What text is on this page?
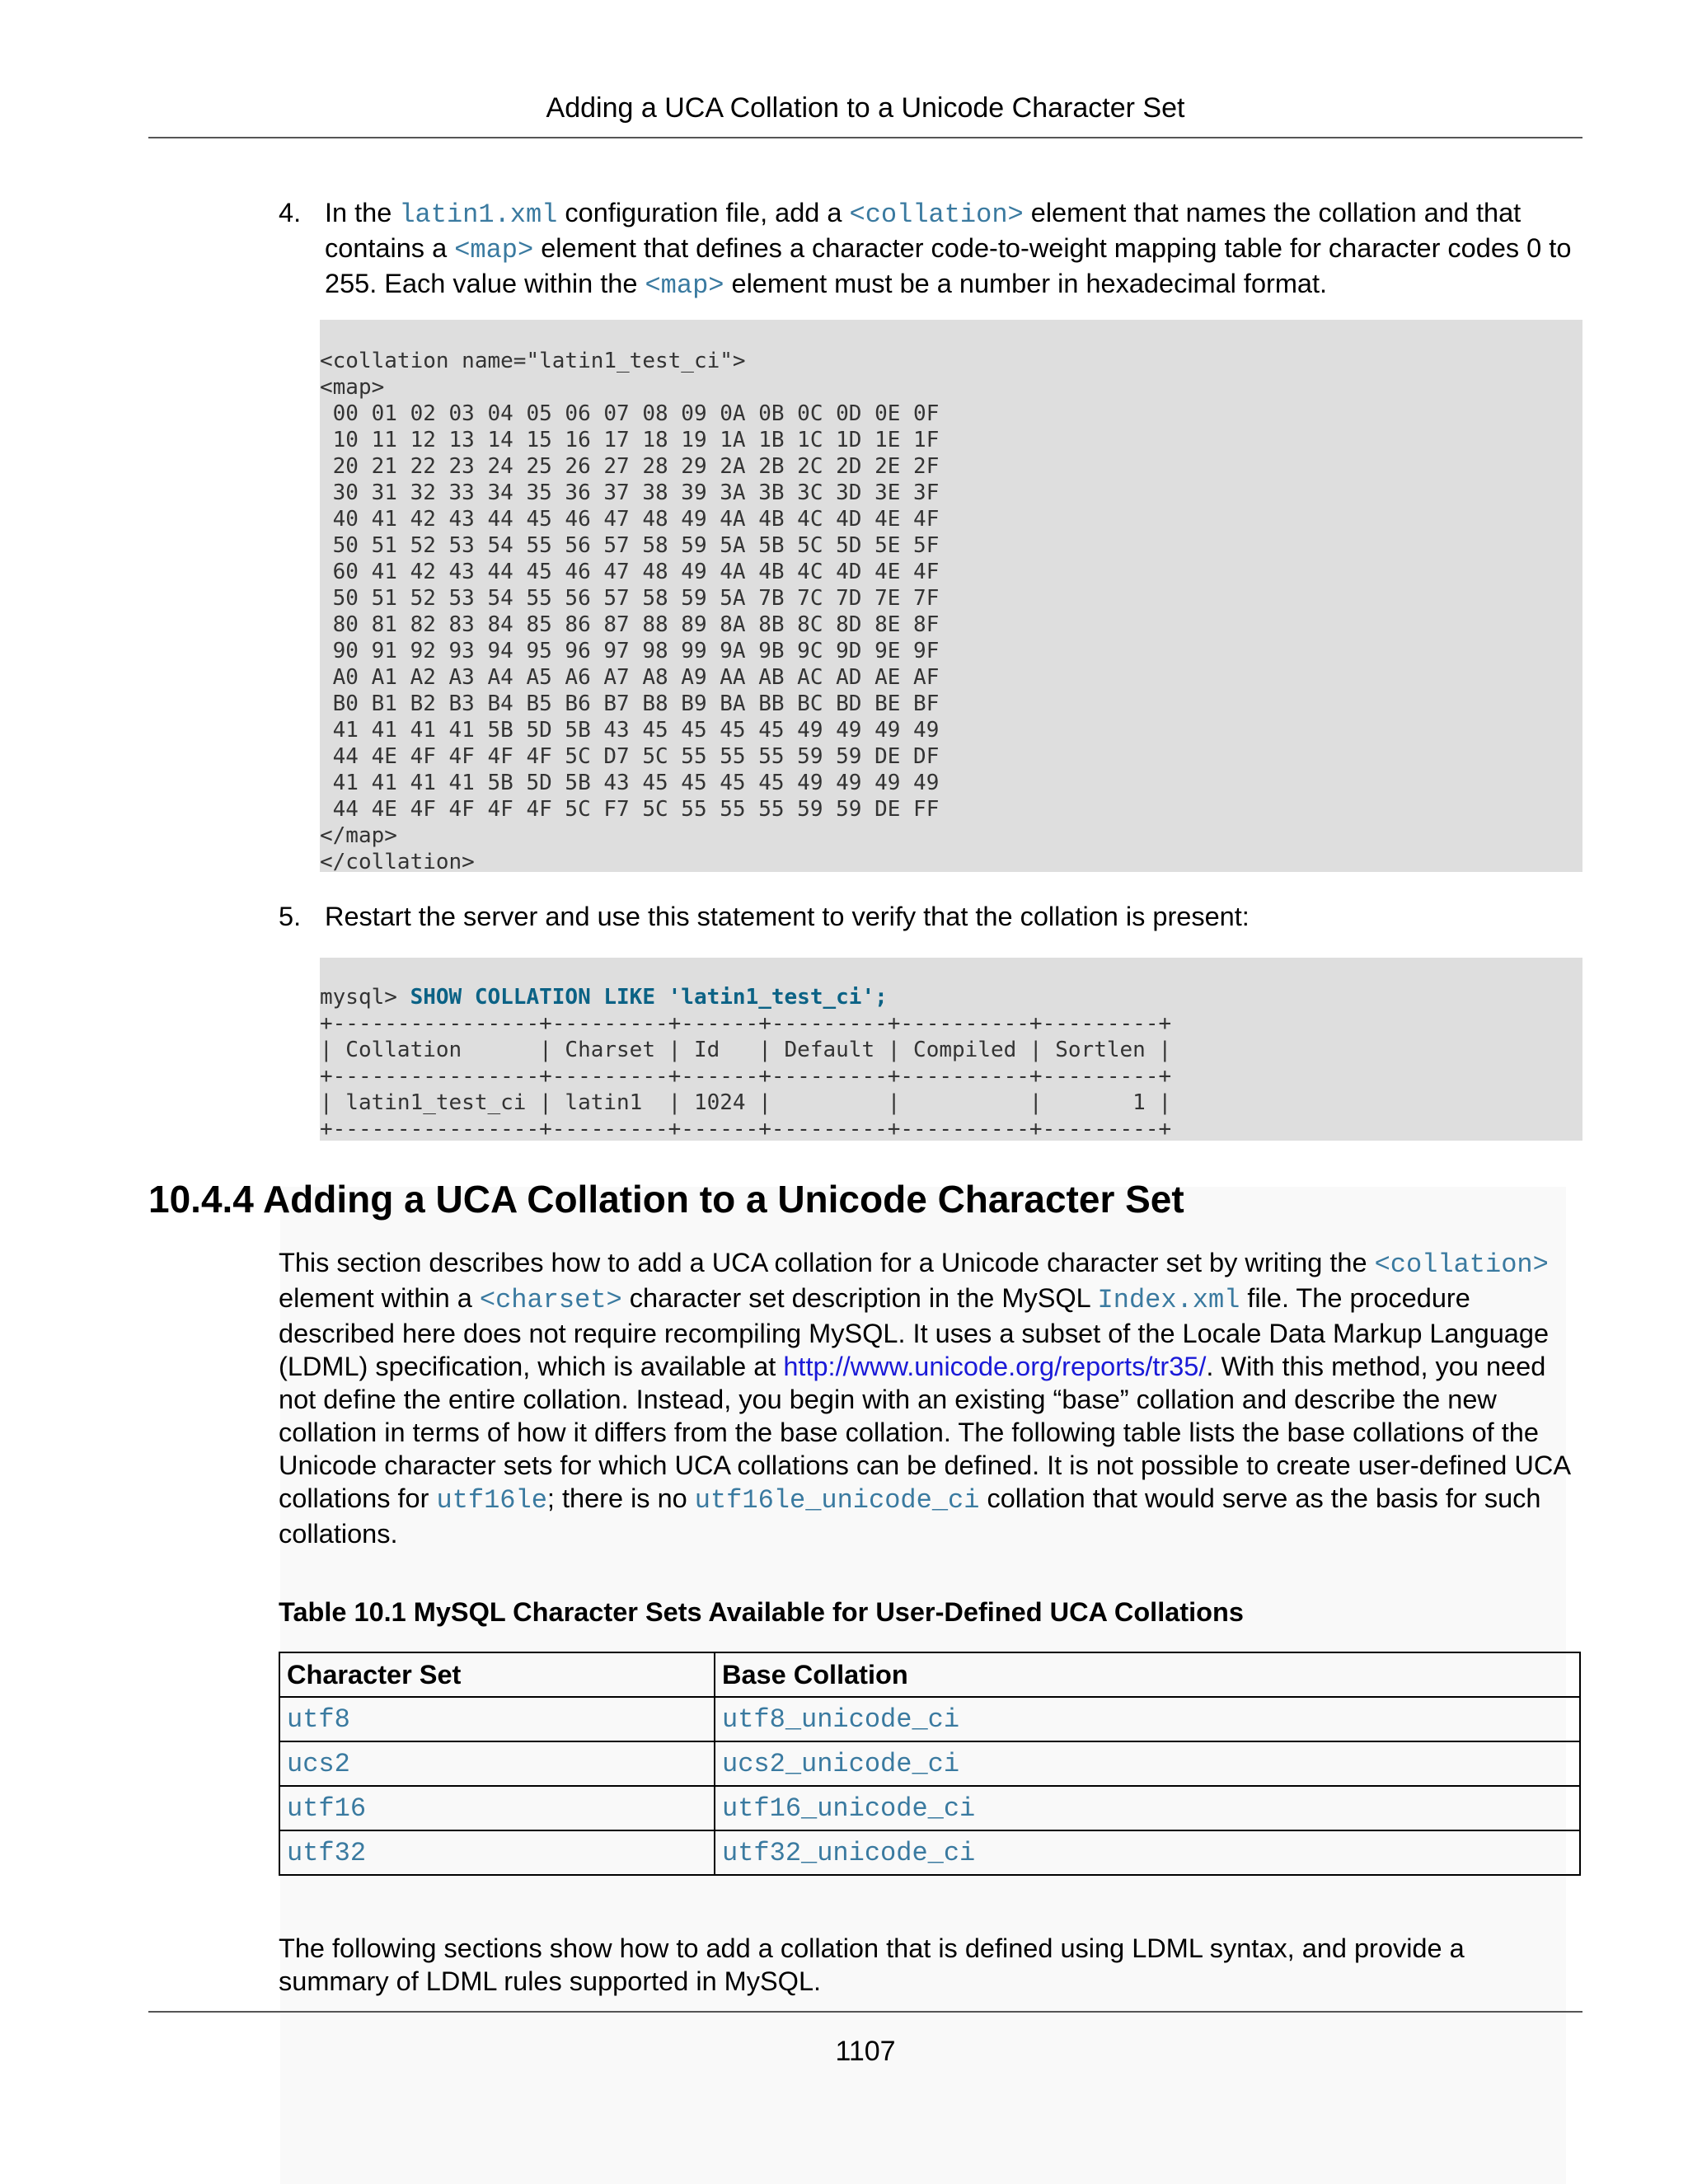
Adding a UCA Collation to a Unicode Character Set
4. In the latin1.xml configuration file, add a <collation> element that names the collation and that contains a <map> element that defines a character code-to-weight mapping table for character codes 0 to 255. Each value within the <map> element must be a number in hexadecimal format.
<collation name="latin1_test_ci">
<map>
00 01 02 03 04 05 06 07 08 09 0A 0B 0C 0D 0E 0F
10 11 12 13 14 15 16 17 18 19 1A 1B 1C 1D 1E 1F
20 21 22 23 24 25 26 27 28 29 2A 2B 2C 2D 2E 2F
30 31 32 33 34 35 36 37 38 39 3A 3B 3C 3D 3E 3F
40 41 42 43 44 45 46 47 48 49 4A 4B 4C 4D 4E 4F
50 51 52 53 54 55 56 57 58 59 5A 5B 5C 5D 5E 5F
60 41 42 43 44 45 46 47 48 49 4A 4B 4C 4D 4E 4F
50 51 52 53 54 55 56 57 58 59 5A 7B 7C 7D 7E 7F
80 81 82 83 84 85 86 87 88 89 8A 8B 8C 8D 8E 8F
90 91 92 93 94 95 96 97 98 99 9A 9B 9C 9D 9E 9F
A0 A1 A2 A3 A4 A5 A6 A7 A8 A9 AA AB AC AD AE AF
B0 B1 B2 B3 B4 B5 B6 B7 B8 B9 BA BB BC BD BE BF
41 41 41 41 5B 5D 5B 43 45 45 45 45 49 49 49 49
44 4E 4F 4F 4F 4F 5C D7 5C 55 55 55 59 59 DE DF
41 41 41 41 5B 5D 5B 43 45 45 45 45 49 49 49 49
44 4E 4F 4F 4F 4F 5C F7 5C 55 55 55 59 59 DE FF
</map>
</collation>
5. Restart the server and use this statement to verify that the collation is present:
mysql> SHOW COLLATION LIKE 'latin1_test_ci';
+----------------+---------+------+---------+----------+---------+
| Collation      | Charset | Id   | Default | Compiled | Sortlen |
+----------------+---------+------+---------+----------+---------+
| latin1_test_ci | latin1  | 1024 |         |          |       1 |
+----------------+---------+------+---------+----------+---------+
10.4.4 Adding a UCA Collation to a Unicode Character Set
This section describes how to add a UCA collation for a Unicode character set by writing the <collation> element within a <charset> character set description in the MySQL Index.xml file. The procedure described here does not require recompiling MySQL. It uses a subset of the Locale Data Markup Language (LDML) specification, which is available at http://www.unicode.org/reports/tr35/. With this method, you need not define the entire collation. Instead, you begin with an existing “base” collation and describe the new collation in terms of how it differs from the base collation. The following table lists the base collations of the Unicode character sets for which UCA collations can be defined. It is not possible to create user-defined UCA collations for utf16le; there is no utf16le_unicode_ci collation that would serve as the basis for such collations.
Table 10.1 MySQL Character Sets Available for User-Defined UCA Collations
Character Set	Base Collation
utf8	utf8_unicode_ci
ucs2	ucs2_unicode_ci
utf16	utf16_unicode_ci
utf32	utf32_unicode_ci
The following sections show how to add a collation that is defined using LDML syntax, and provide a summary of LDML rules supported in MySQL.
1107
